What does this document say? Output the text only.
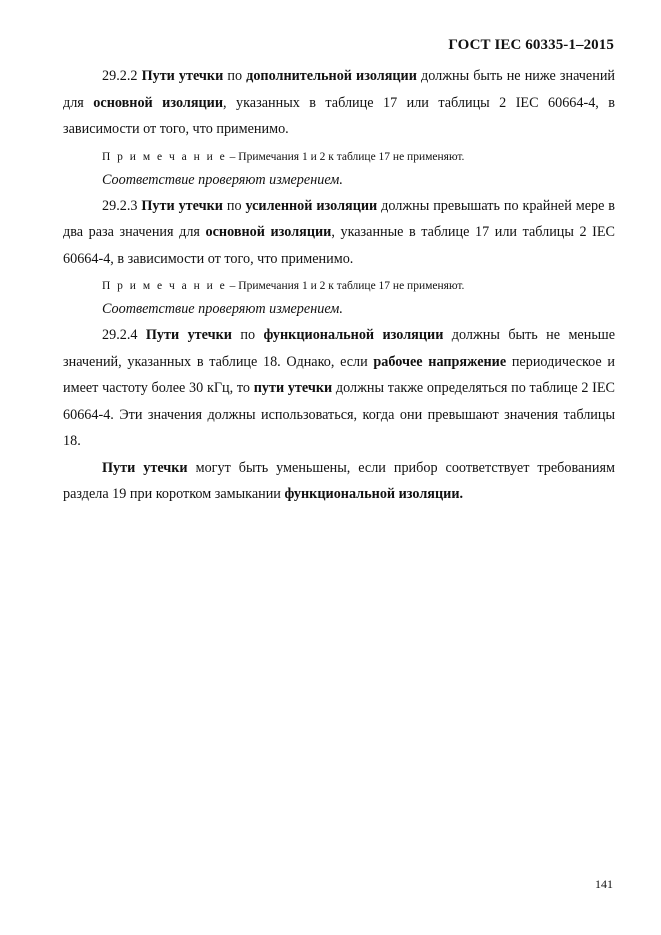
ГОСТ IEC 60335-1–2015

29.2.2 Пути утечки по дополнительной изоляции должны быть не ниже значений для основной изоляции, указанных в таблице 17 или таблицы 2 IEC 60664-4, в зависимости от того, что применимо.

П р и м е ч а н и е – Примечания 1 и 2 к таблице 17 не применяют.

Соответствие проверяют измерением.

29.2.3 Пути утечки по усиленной изоляции должны превышать по крайней мере в два раза значения для основной изоляции, указанные в таблице 17 или таблицы 2 IEC 60664-4, в зависимости от того, что применимо.

П р и м е ч а н и е – Примечания 1 и 2 к таблице 17 не применяют.

Соответствие проверяют измерением.

29.2.4 Пути утечки по функциональной изоляции должны быть не меньше значений, указанных в таблице 18. Однако, если рабочее напряжение периодическое и имеет частоту более 30 кГц, то пути утечки должны также определяться по таблице 2 IEC 60664-4. Эти значения должны использоваться, когда они превышают значения таблицы 18.

Пути утечки могут быть уменьшены, если прибор соответствует требованиям раздела 19 при коротком замыкании функциональной изоляции.

141
